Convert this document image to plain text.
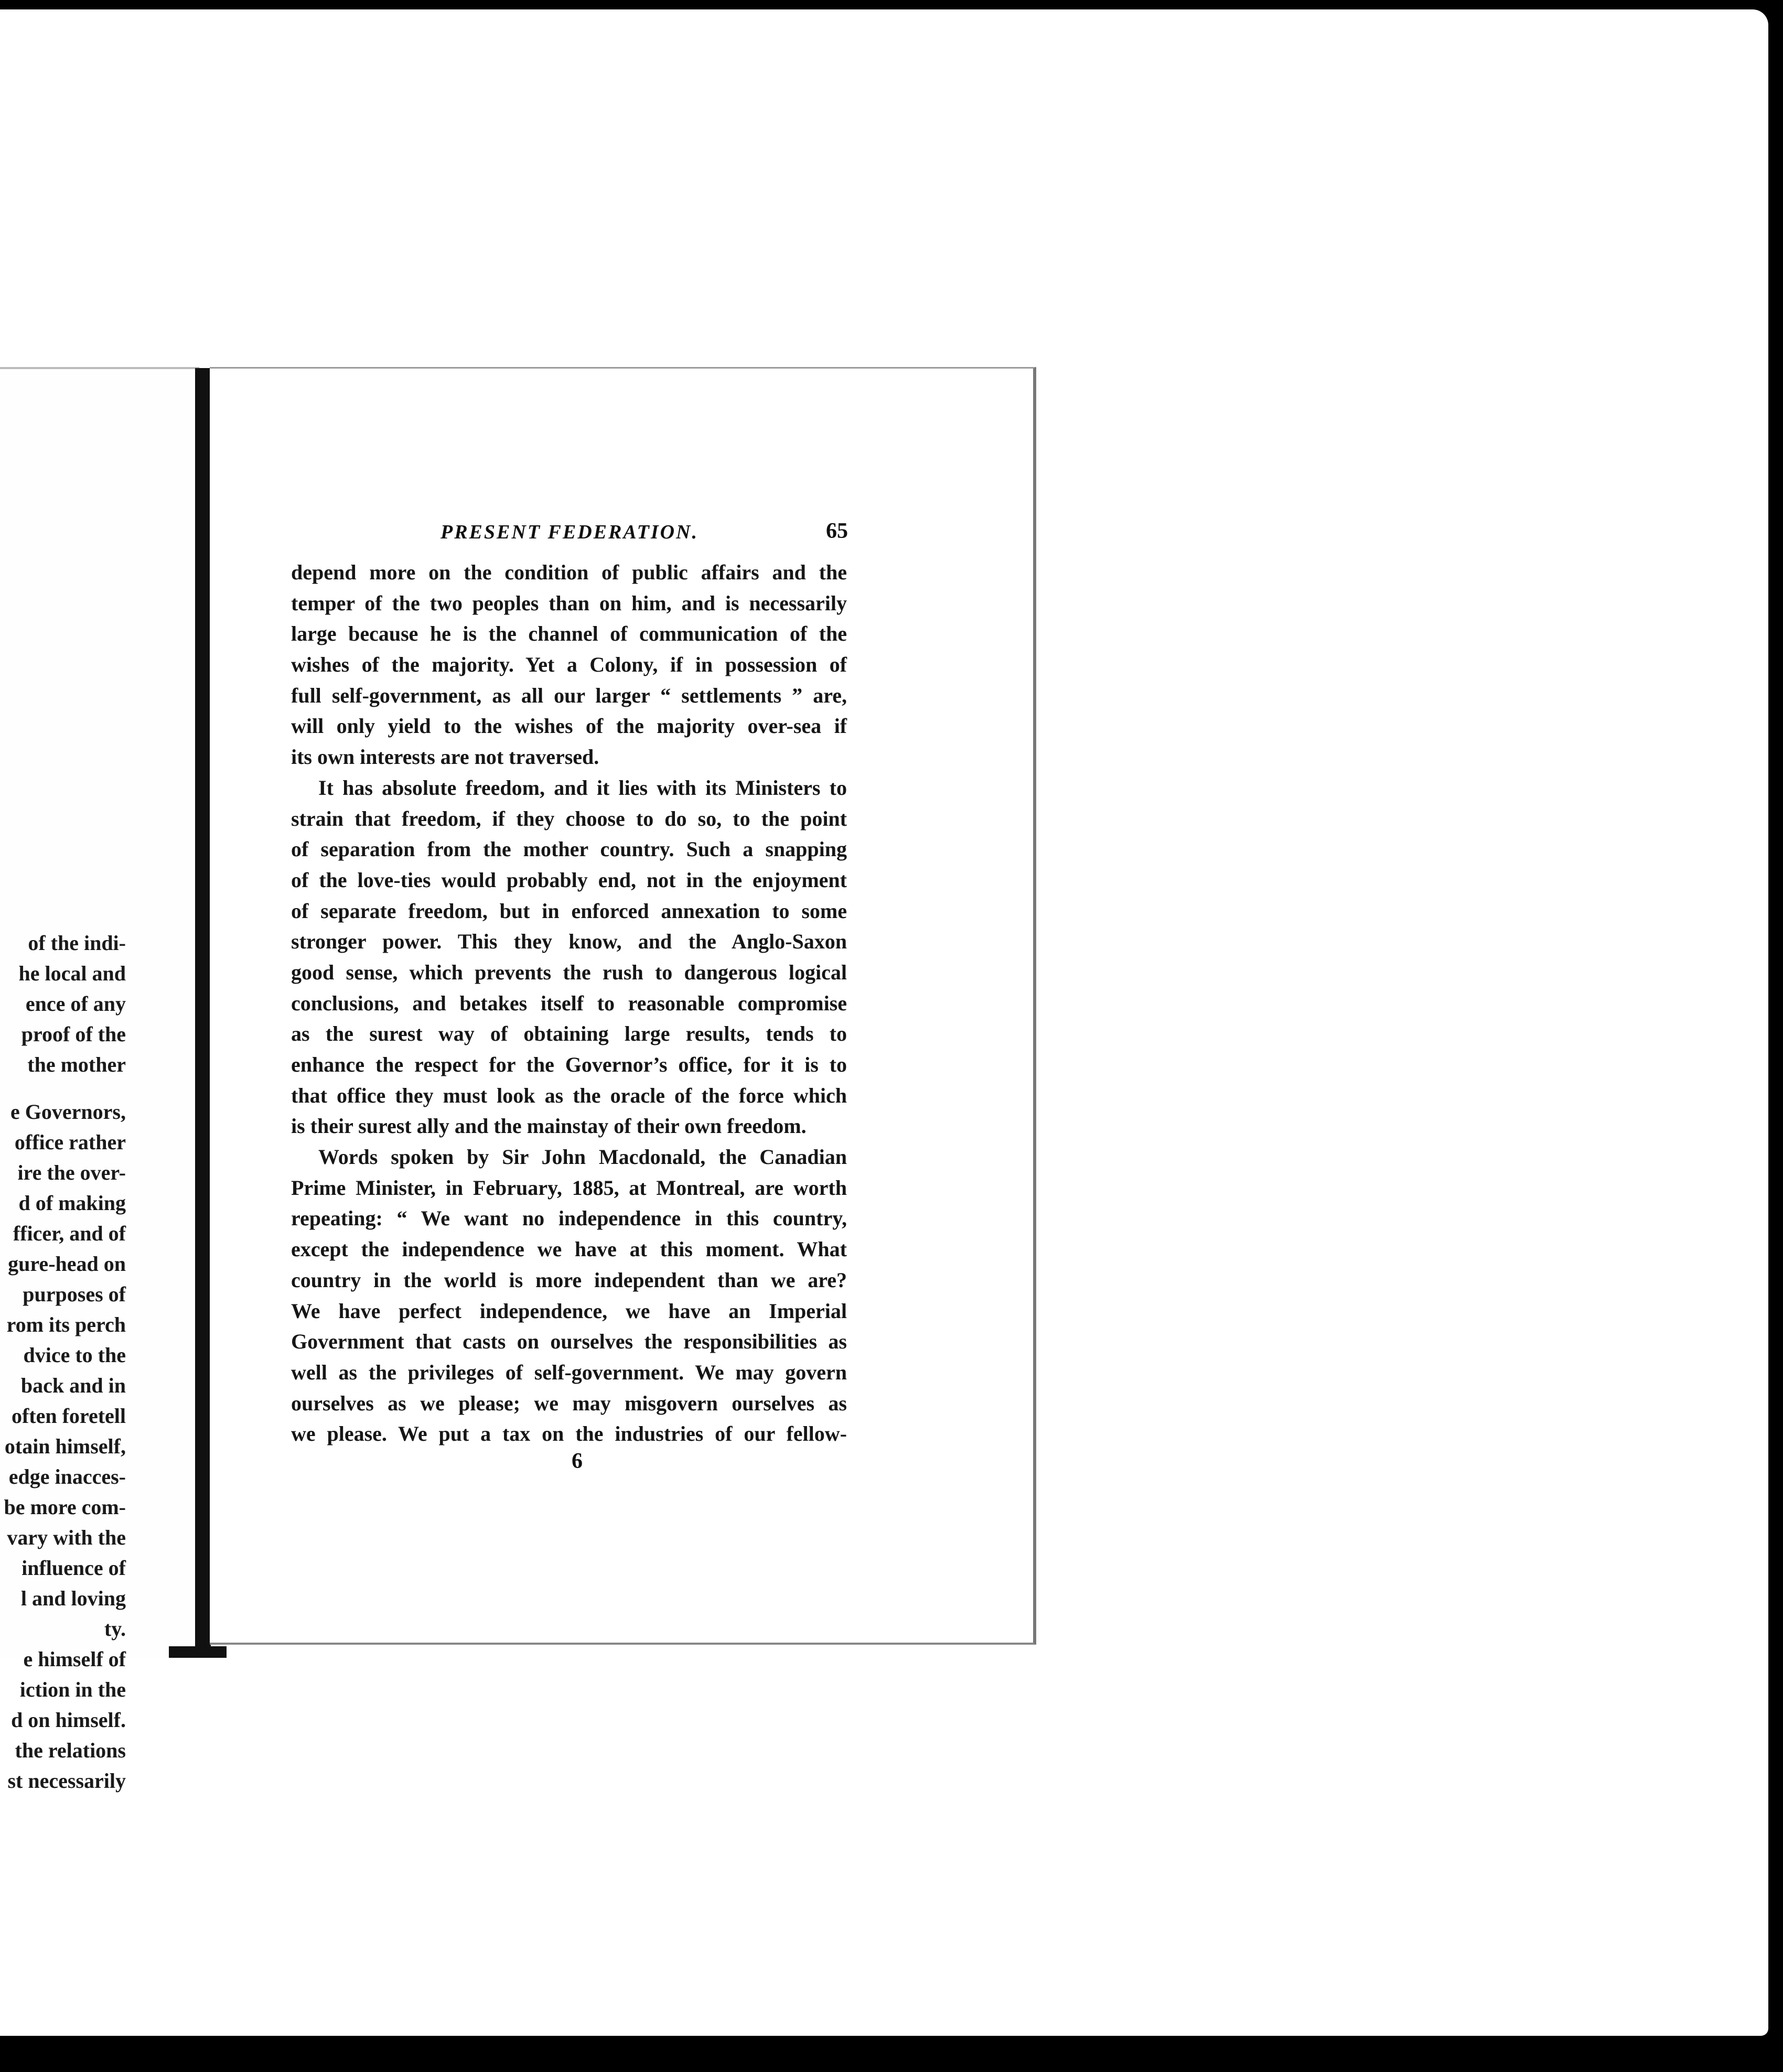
of the indi-
he local and
ence of any
proof of the
the mother
e Governors,
office rather
ire the over-
d of making
fficer, and of
gure-head on
purposes of
rom its perch
dvice to the
back and in
often foretell
otain himself,
edge inacces-
be more com-
vary with the
influence of
l and loving
ty.
e himself of
iction in the
d on himself.
the relations
st necessarily
PRESENT FEDERATION.	65
depend more on the condition of public affairs and the
temper of the two peoples than on him, and is necessarily
large because he is the channel of communication of the
wishes of the majority. Yet a Colony, if in possession of
full self-government, as all our larger “ settlements ” are,
will only yield to the wishes of the majority over-sea if
its own interests are not traversed.
It has absolute freedom, and it lies with its Ministers to
strain that freedom, if they choose to do so, to the point
of separation from the mother country. Such a snapping
of the love-ties would probably end, not in the enjoyment
of separate freedom, but in enforced annexation to some
stronger power. This they know, and the Anglo-Saxon
good sense, which prevents the rush to dangerous logical
conclusions, and betakes itself to reasonable compromise
as the surest way of obtaining large results, tends to
enhance the respect for the Governor’s office, for it is to
that office they must look as the oracle of the force which
is their surest ally and the mainstay of their own freedom.
Words spoken by Sir John Macdonald, the Canadian
Prime Minister, in February, 1885, at Montreal, are worth
repeating: “ We want no independence in this country,
except the independence we have at this moment. What
country in the world is more independent than we are?
We have perfect independence, we have an Imperial
Government that casts on ourselves the responsibilities as
well as the privileges of self-government. We may govern
ourselves as we please; we may misgovern ourselves as
we please. We put a tax on the industries of our fellow-
6
